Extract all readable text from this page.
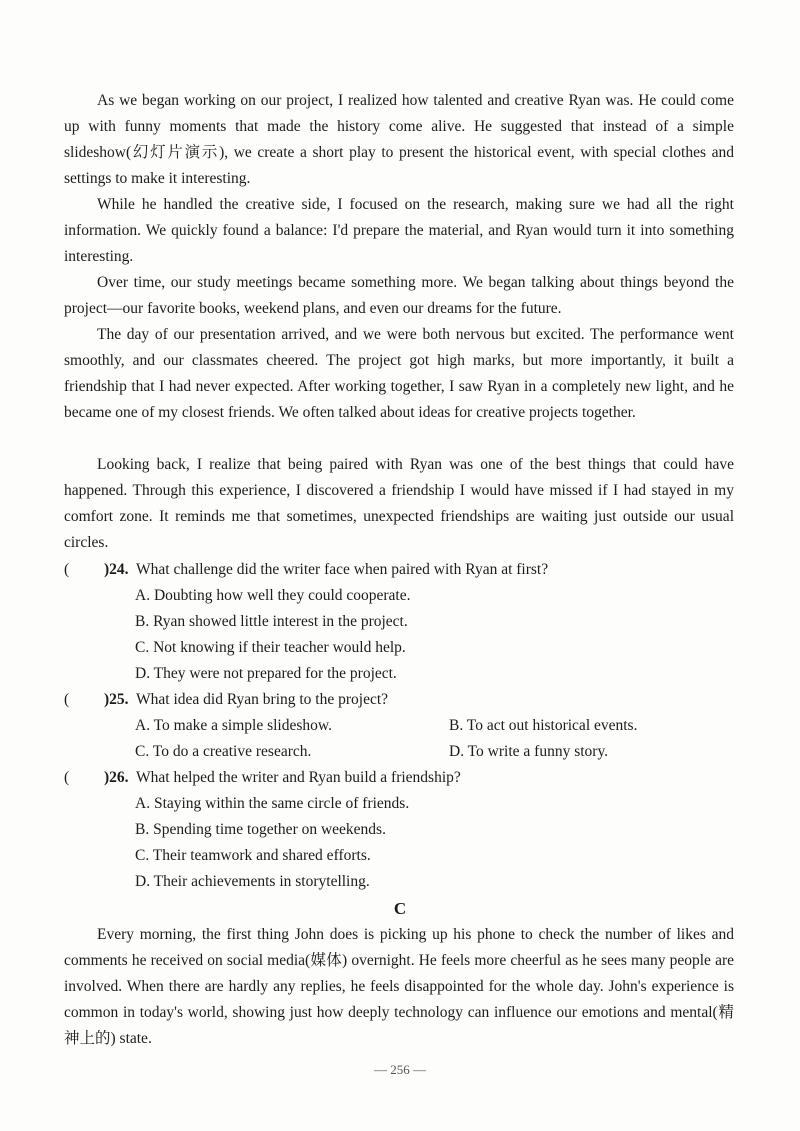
As we began working on our project, I realized how talented and creative Ryan was. He could come up with funny moments that made the history come alive. He suggested that instead of a simple slideshow(幻灯片演示), we create a short play to present the historical event, with special clothes and settings to make it interesting.

While he handled the creative side, I focused on the research, making sure we had all the right information. We quickly found a balance: I'd prepare the material, and Ryan would turn it into something interesting.

Over time, our study meetings became something more. We began talking about things beyond the project—our favorite books, weekend plans, and even our dreams for the future.

The day of our presentation arrived, and we were both nervous but excited. The performance went smoothly, and our classmates cheered. The project got high marks, but more importantly, it built a friendship that I had never expected. After working together, I saw Ryan in a completely new light, and he became one of my closest friends. We often talked about ideas for creative projects together.

Looking back, I realize that being paired with Ryan was one of the best things that could have happened. Through this experience, I discovered a friendship I would have missed if I had stayed in my comfort zone. It reminds me that sometimes, unexpected friendships are waiting just outside our usual circles.

( )24. What challenge did the writer face when paired with Ryan at first?
A. Doubting how well they could cooperate.
B. Ryan showed little interest in the project.
C. Not knowing if their teacher would help.
D. They were not prepared for the project.
( )25. What idea did Ryan bring to the project?
A. To make a simple slideshow.	B. To act out historical events.
C. To do a creative research.	D. To write a funny story.
( )26. What helped the writer and Ryan build a friendship?
A. Staying within the same circle of friends.
B. Spending time together on weekends.
C. Their teamwork and shared efforts.
D. Their achievements in storytelling.
C

Every morning, the first thing John does is picking up his phone to check the number of likes and comments he received on social media(媒体) overnight. He feels more cheerful as he sees many people are involved. When there are hardly any replies, he feels disappointed for the whole day. John's experience is common in today's world, showing just how deeply technology can influence our emotions and mental(精神上的) state.

— 256 —
